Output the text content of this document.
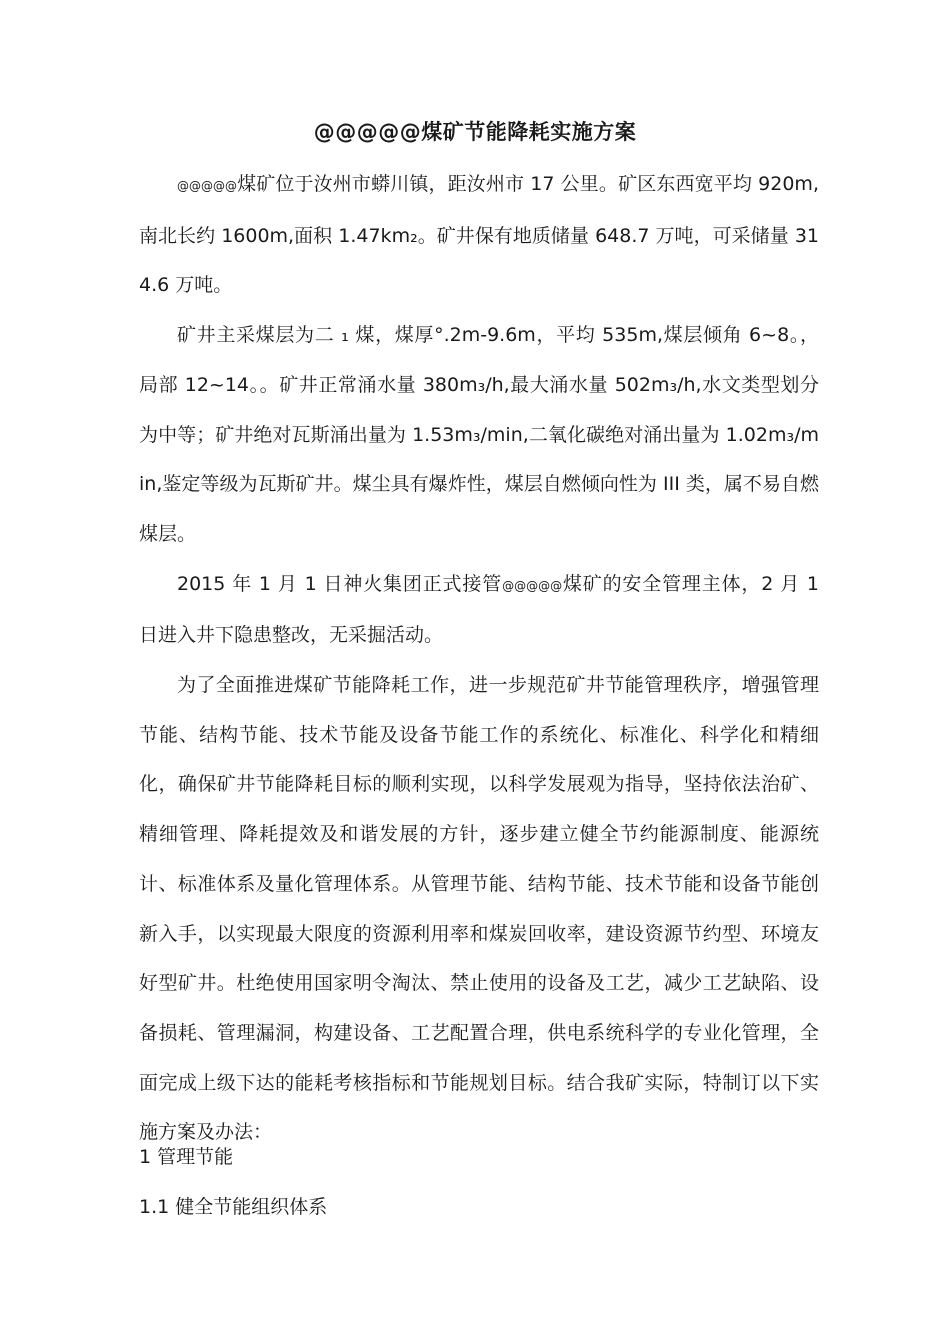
@@@@@煤矿节能降耗实施方案

@@@@@煤矿位于汝州市蟒川镇，距汝州市 17 公里。矿区东西宽平均 920m,南北长约 1600m,面积 1.47km₂。矿井保有地质储量 648.7 万吨，可采储量 314.6 万吨。

矿井主采煤层为二 ₁ 煤，煤厚°.2m-9.6m，平均 535m,煤层倾角 6~8。，局部 12~14。。矿井正常涌水量 380m₃/h,最大涌水量 502m₃/h,水文类型划分为中等；矿井绝对瓦斯涌出量为 1.53m₃/min,二氧化碳绝对涌出量为 1.02m₃/min,鉴定等级为瓦斯矿井。煤尘具有爆炸性，煤层自燃倾向性为 III 类，属不易自燃煤层。

2015 年 1 月 1 日神火集团正式接管@@@@@煤矿的安全管理主体，2 月 1 日进入井下隐患整改，无采掘活动。

为了全面推进煤矿节能降耗工作，进一步规范矿井节能管理秩序，增强管理节能、结构节能、技术节能及设备节能工作的系统化、标准化、科学化和精细化，确保矿井节能降耗目标的顺利实现，以科学发展观为指导，坚持依法治矿、精细管理、降耗提效及和谐发展的方针，逐步建立健全节约能源制度、能源统计、标准体系及量化管理体系。从管理节能、结构节能、技术节能和设备节能创新入手，以实现最大限度的资源利用率和煤炭回收率，建设资源节约型、环境友好型矿井。杜绝使用国家明令淘汰、禁止使用的设备及工艺，减少工艺缺陷、设备损耗、管理漏洞，构建设备、工艺配置合理，供电系统科学的专业化管理，全面完成上级下达的能耗考核指标和节能规划目标。结合我矿实际，特制订以下实施方案及办法：

1 管理节能
1.1 健全节能组织体系
